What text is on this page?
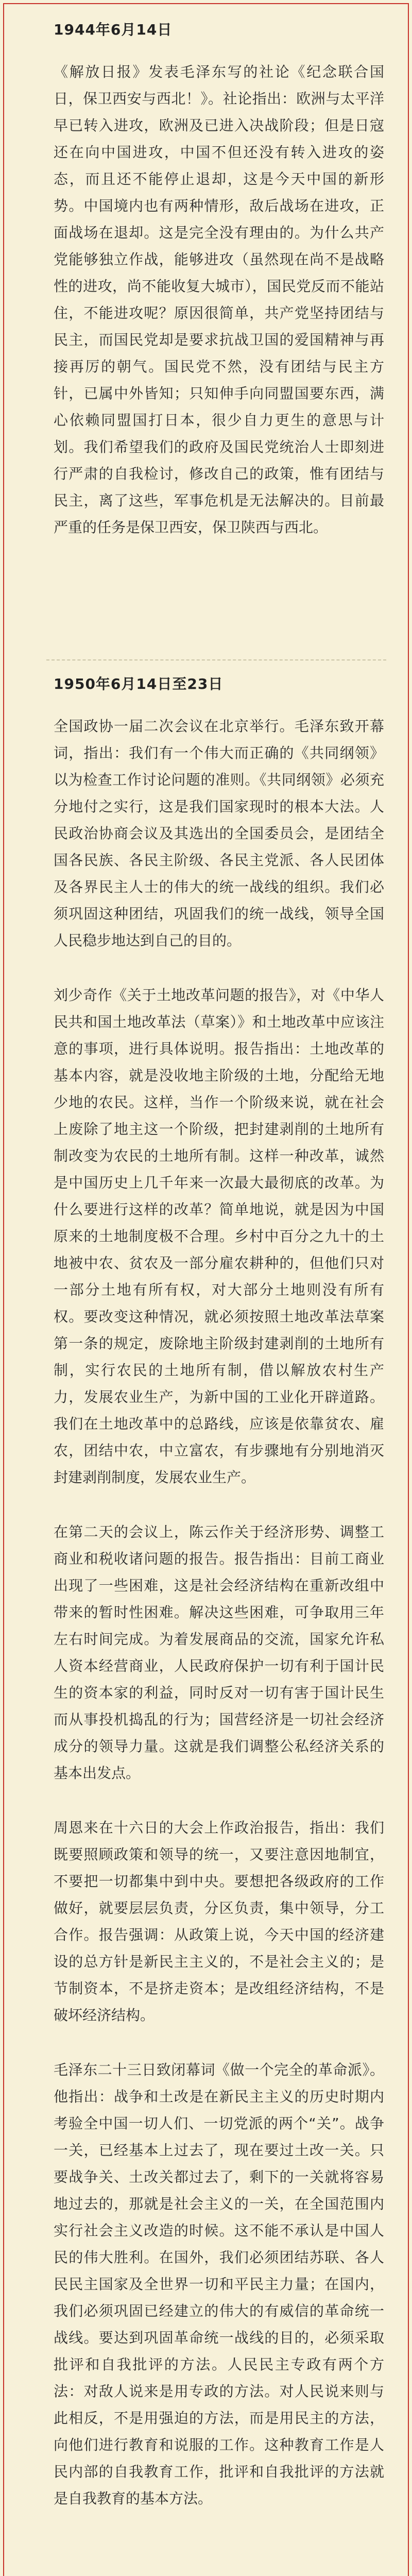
1944年6月14日

《解放日报》发表毛泽东写的社论《纪念联合国日，保卫西安与西北！》。社论指出：欧洲与太平洋早已转入进攻，欧洲及已进入决战阶段；但是日寇还在向中国进攻，中国不但还没有转入进攻的姿态，而且还不能停止退却，这是今天中国的新形势。中国境内也有两种情形，敌后战场在进攻，正面战场在退却。这是完全没有理由的。为什么共产党能够独立作战，能够进攻（虽然现在尚不是战略性的进攻，尚不能收复大城市），国民党反而不能站住，不能进攻呢？原因很简单，共产党坚持团结与民主，而国民党却是要求抗战卫国的爱国精神与再接再厉的朝气。国民党不然，没有团结与民主方针，已属中外皆知；只知伸手向同盟国要东西，满心依赖同盟国打日本，很少自力更生的意思与计划。我们希望我们的政府及国民党统治人士即刻进行严肃的自我检讨，修改自己的政策，惟有团结与民主，离了这些，军事危机是无法解决的。目前最严重的任务是保卫西安，保卫陕西与西北。

1950年6月14日至23日

全国政协一届二次会议在北京举行。毛泽东致开幕词，指出：我们有一个伟大而正确的《共同纲领》以为检查工作讨论问题的准则。《共同纲领》必须充分地付之实行，这是我们国家现时的根本大法。人民政治协商会议及其选出的全国委员会，是团结全国各民族、各民主阶级、各民主党派、各人民团体及各界民主人士的伟大的统一战线的组织。我们必须巩固这种团结，巩固我们的统一战线，领导全国人民稳步地达到自己的目的。

刘少奇作《关于土地改革问题的报告》，对《中华人民共和国土地改革法（草案）》和土地改革中应该注意的事项，进行具体说明。报告指出：土地改革的基本内容，就是没收地主阶级的土地，分配给无地少地的农民。这样，当作一个阶级来说，就在社会上废除了地主这一个阶级，把封建剥削的土地所有制改变为农民的土地所有制。这样一种改革，诚然是中国历史上几千年来一次最大最彻底的改革。为什么要进行这样的改革？简单地说，就是因为中国原来的土地制度极不合理。乡村中百分之九十的土地被中农、贫农及一部分雇农耕种的，但他们只对一部分土地有所有权，对大部分土地则没有所有权。要改变这种情况，就必须按照土地改革法草案第一条的规定，废除地主阶级封建剥削的土地所有制，实行农民的土地所有制，借以解放农村生产力，发展农业生产，为新中国的工业化开辟道路。我们在土地改革中的总路线，应该是依靠贫农、雇农，团结中农，中立富农，有步骤地有分别地消灭封建剥削制度，发展农业生产。

在第二天的会议上，陈云作关于经济形势、调整工商业和税收诸问题的报告。报告指出：目前工商业出现了一些困难，这是社会经济结构在重新改组中带来的暂时性困难。解决这些困难，可争取用三年左右时间完成。为着发展商品的交流，国家允许私人资本经营商业，人民政府保护一切有利于国计民生的资本家的利益，同时反对一切有害于国计民生而从事投机捣乱的行为；国营经济是一切社会经济成分的领导力量。这就是我们调整公私经济关系的基本出发点。

周恩来在十六日的大会上作政治报告，指出：我们既要照顾政策和领导的统一，又要注意因地制宜，不要把一切都集中到中央。要想把各级政府的工作做好，就要层层负责，分区负责，集中领导，分工合作。报告强调：从政策上说，今天中国的经济建设的总方针是新民主主义的，不是社会主义的；是节制资本，不是挤走资本；是改组经济结构，不是破坏经济结构。

毛泽东二十三日致闭幕词《做一个完全的革命派》。他指出：战争和土改是在新民主主义的历史时期内考验全中国一切人们、一切党派的两个“关”。战争一关，已经基本上过去了，现在要过土改一关。只要战争关、土改关都过去了，剩下的一关就将容易地过去的，那就是社会主义的一关，在全国范围内实行社会主义改造的时候。这不能不承认是中国人民的伟大胜利。在国外，我们必须团结苏联、各人民民主国家及全世界一切和平民主力量；在国内，我们必须巩固已经建立的伟大的有威信的革命统一战线。要达到巩固革命统一战线的目的，必须采取批评和自我批评的方法。人民民主专政有两个方法：对敌人说来是用专政的方法。对人民说来则与此相反，不是用强迫的方法，而是用民主的方法，向他们进行教育和说服的工作。这种教育工作是人民内部的自我教育工作，批评和自我批评的方法就是自我教育的基本方法。
